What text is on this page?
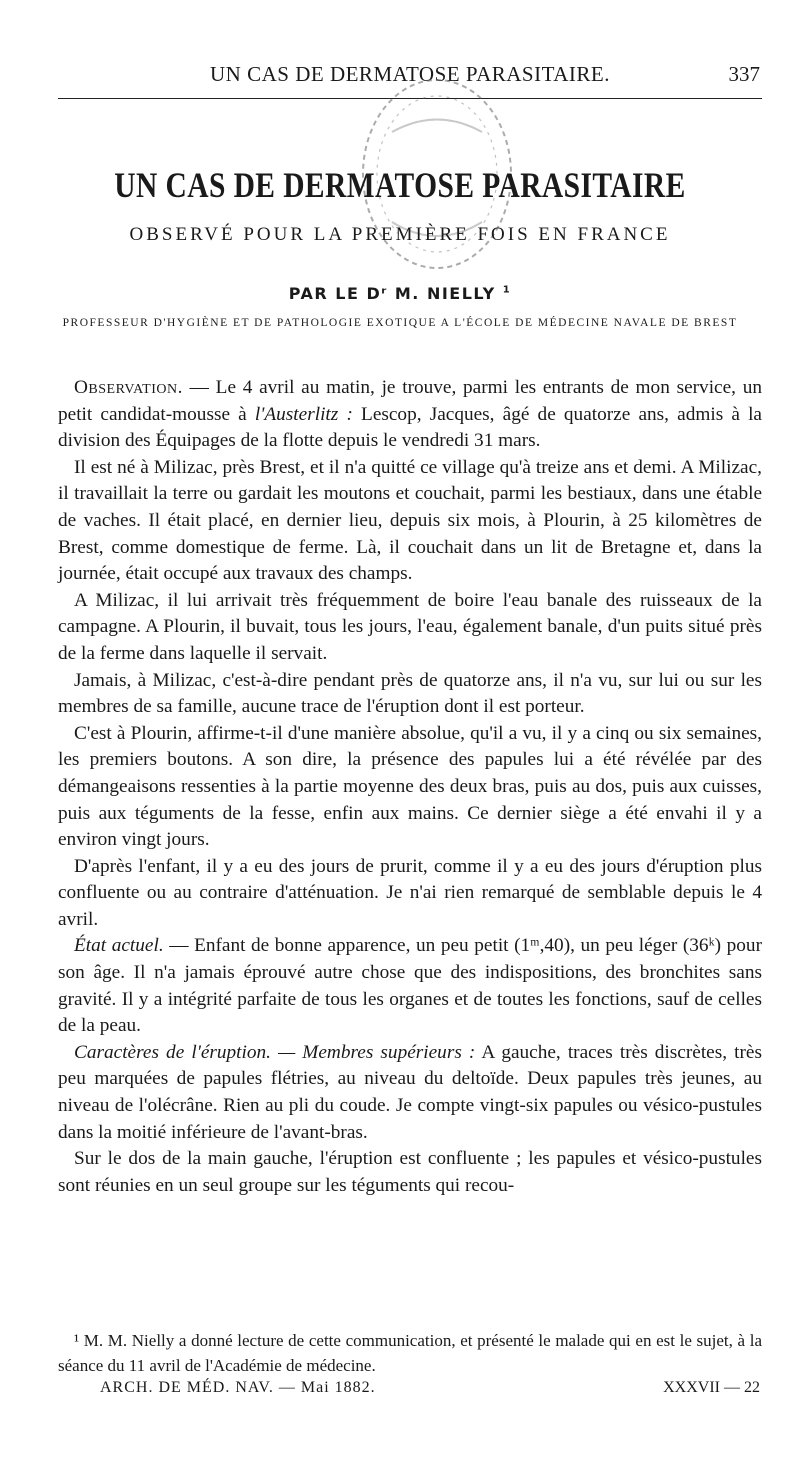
UN CAS DE DERMATOSE PARASITAIRE.	337
UN CAS DE DERMATOSE PARASITAIRE
OBSERVÉ POUR LA PREMIÈRE FOIS EN FRANCE
PAR LE Dʳ M. NIELLY $^1$
PROFESSEUR D'HYGIÈNE ET DE PATHOLOGIE EXOTIQUE A L'ÉCOLE DE MÉDECINE NAVALE DE BREST

Observation. — Le 4 avril au matin, je trouve, parmi les entrants de mon service, un petit candidat-mousse à l'Austerlitz : Lescop, Jacques, âgé de quatorze ans, admis à la division des Équipages de la flotte depuis le vendredi 31 mars.

Il est né à Milizac, près Brest, et il n'a quitté ce village qu'à treize ans et demi. A Milizac, il travaillait la terre ou gardait les moutons et couchait, parmi les bestiaux, dans une étable de vaches. Il était placé, en dernier lieu, depuis six mois, à Plourin, à 25 kilomètres de Brest, comme domestique de ferme. Là, il couchait dans un lit de Bretagne et, dans la journée, était occupé aux travaux des champs.

A Milizac, il lui arrivait très fréquemment de boire l'eau banale des ruisseaux de la campagne. A Plourin, il buvait, tous les jours, l'eau, également banale, d'un puits situé près de la ferme dans laquelle il servait.

Jamais, à Milizac, c'est-à-dire pendant près de quatorze ans, il n'a vu, sur lui ou sur les membres de sa famille, aucune trace de l'éruption dont il est porteur.

C'est à Plourin, affirme-t-il d'une manière absolue, qu'il a vu, il y a cinq ou six semaines, les premiers boutons. A son dire, la présence des papules lui a été révélée par des démangeaisons ressenties à la partie moyenne des deux bras, puis au dos, puis aux cuisses, puis aux téguments de la fesse, enfin aux mains. Ce dernier siège a été envahi il y a environ vingt jours.

D'après l'enfant, il y a eu des jours de prurit, comme il y a eu des jours d'éruption plus confluente ou au contraire d'atténuation. Je n'ai rien remarqué de semblable depuis le 4 avril.

État actuel. — Enfant de bonne apparence, un peu petit (1ᵐ,40), un peu léger (36ᵏ) pour son âge. Il n'a jamais éprouvé autre chose que des indispositions, des bronchites sans gravité. Il y a intégrité parfaite de tous les organes et de toutes les fonctions, sauf de celles de la peau.

Caractères de l'éruption. — Membres supérieurs : A gauche, traces très discrètes, très peu marquées de papules flétries, au niveau du deltoïde. Deux papules très jeunes, au niveau de l'olécrâne. Rien au pli du coude. Je compte vingt-six papules ou vésico-pustules dans la moitié inférieure de l'avant-bras.

Sur le dos de la main gauche, l'éruption est confluente ; les papules et vésico-pustules sont réunies en un seul groupe sur les téguments qui recou-

¹ M. M. Nielly a donné lecture de cette communication, et présenté le malade qui en est le sujet, à la séance du 11 avril de l'Académie de médecine.

ARCH. DE MÉD. NAV. — Mai 1882.	XXXVII — 22
